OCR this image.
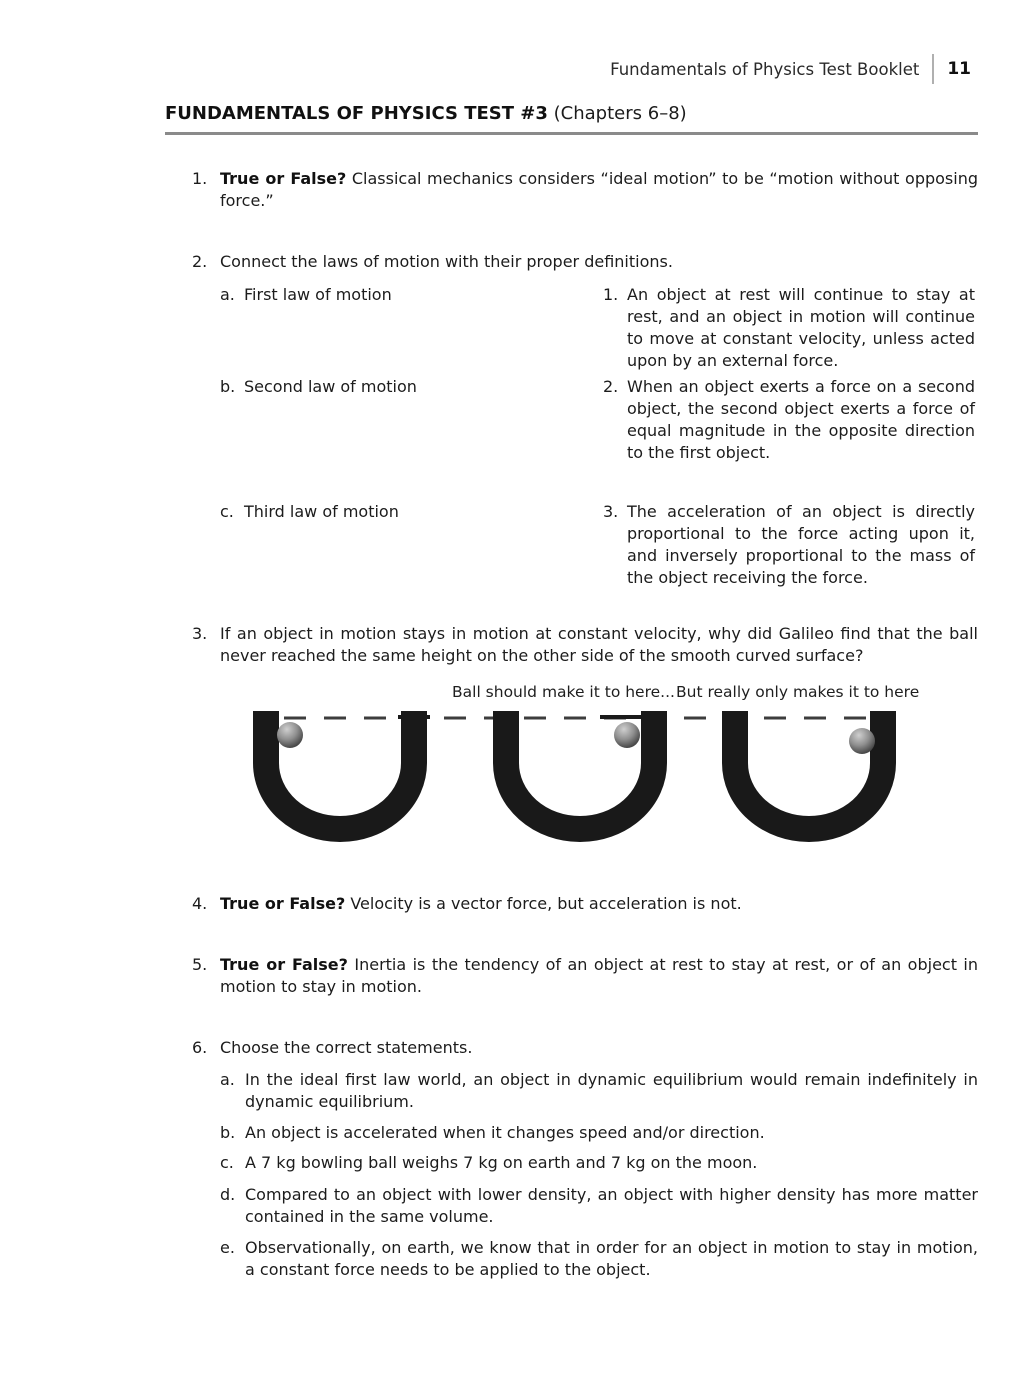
Fundamentals of Physics Test Booklet 11
FUNDAMENTALS OF PHYSICS TEST #3 (Chapters 6–8)
1. True or False? Classical mechanics considers “ideal motion” to be “motion without opposing force.”
2. Connect the laws of motion with their proper definitions.
a. First law of motion	1. An object at rest will continue to stay at rest, and an object in motion will continue to move at constant velocity, unless acted upon by an external force.
b. Second law of motion	2. When an object exerts a force on a second object, the second object exerts a force of equal magnitude in the opposite direction to the first object.
c. Third law of motion	3. The acceleration of an object is directly proportional to the force acting upon it, and inversely proportional to the mass of the object receiving the force.
3. If an object in motion stays in motion at constant velocity, why did Galileo find that the ball never reached the same height on the other side of the smooth curved surface?
Ball should make it to here... But really only makes it to here
4. True or False? Velocity is a vector force, but acceleration is not.
5. True or False? Inertia is the tendency of an object at rest to stay at rest, or of an object in motion to stay in motion.
6. Choose the correct statements.
a. In the ideal first law world, an object in dynamic equilibrium would remain indefinitely in dynamic equilibrium.
b. An object is accelerated when it changes speed and/or direction.
c. A 7 kg bowling ball weighs 7 kg on earth and 7 kg on the moon.
d. Compared to an object with lower density, an object with higher density has more matter contained in the same volume.
e. Observationally, on earth, we know that in order for an object in motion to stay in motion, a constant force needs to be applied to the object.
